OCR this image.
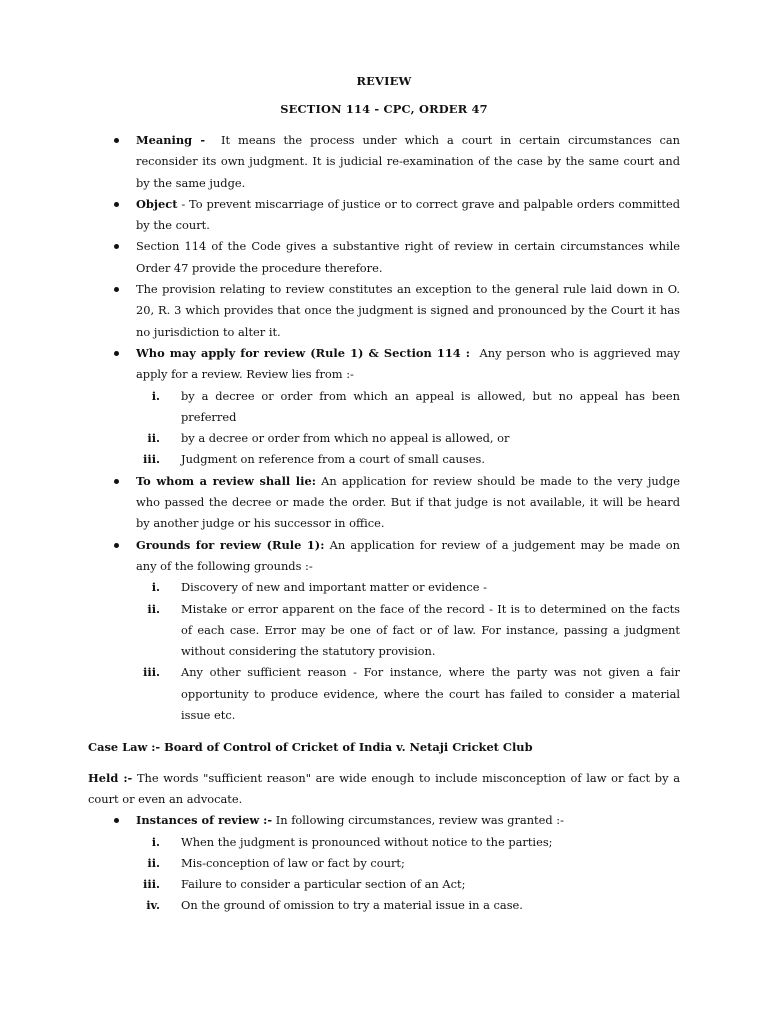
REVIEW
SECTION 114 - CPC, ORDER 47
Meaning - It means the process under which a court in certain circumstances can reconsider its own judgment. It is judicial re-examination of the case by the same court and by the same judge.
Object - To prevent miscarriage of justice or to correct grave and palpable orders committed by the court.
Section 114 of the Code gives a substantive right of review in certain circumstances while Order 47 provide the procedure therefore.
The provision relating to review constitutes an exception to the general rule laid down in O. 20, R. 3 which provides that once the judgment is signed and pronounced by the Court it has no jurisdiction to alter it.
Who may apply for review (Rule 1) & Section 114 : Any person who is aggrieved may apply for a review. Review lies from :-
i. by a decree or order from which an appeal is allowed, but no appeal has been preferred
ii. by a decree or order from which no appeal is allowed, or
iii. Judgment on reference from a court of small causes.
To whom a review shall lie: An application for review should be made to the very judge who passed the decree or made the order. But if that judge is not available, it will be heard by another judge or his successor in office.
Grounds for review (Rule 1): An application for review of a judgement may be made on any of the following grounds :-
i. Discovery of new and important matter or evidence -
ii. Mistake or error apparent on the face of the record - It is to determined on the facts of each case. Error may be one of fact or of law. For instance, passing a judgment without considering the statutory provision.
iii. Any other sufficient reason - For instance, where the party was not given a fair opportunity to produce evidence, where the court has failed to consider a material issue etc.
Case Law :- Board of Control of Cricket of India v. Netaji Cricket Club
Held :- The words "sufficient reason" are wide enough to include misconception of law or fact by a court or even an advocate.
Instances of review :- In following circumstances, review was granted :-
i. When the judgment is pronounced without notice to the parties;
ii. Mis-conception of law or fact by court;
iii. Failure to consider a particular section of an Act;
iv. On the ground of omission to try a material issue in a case.
